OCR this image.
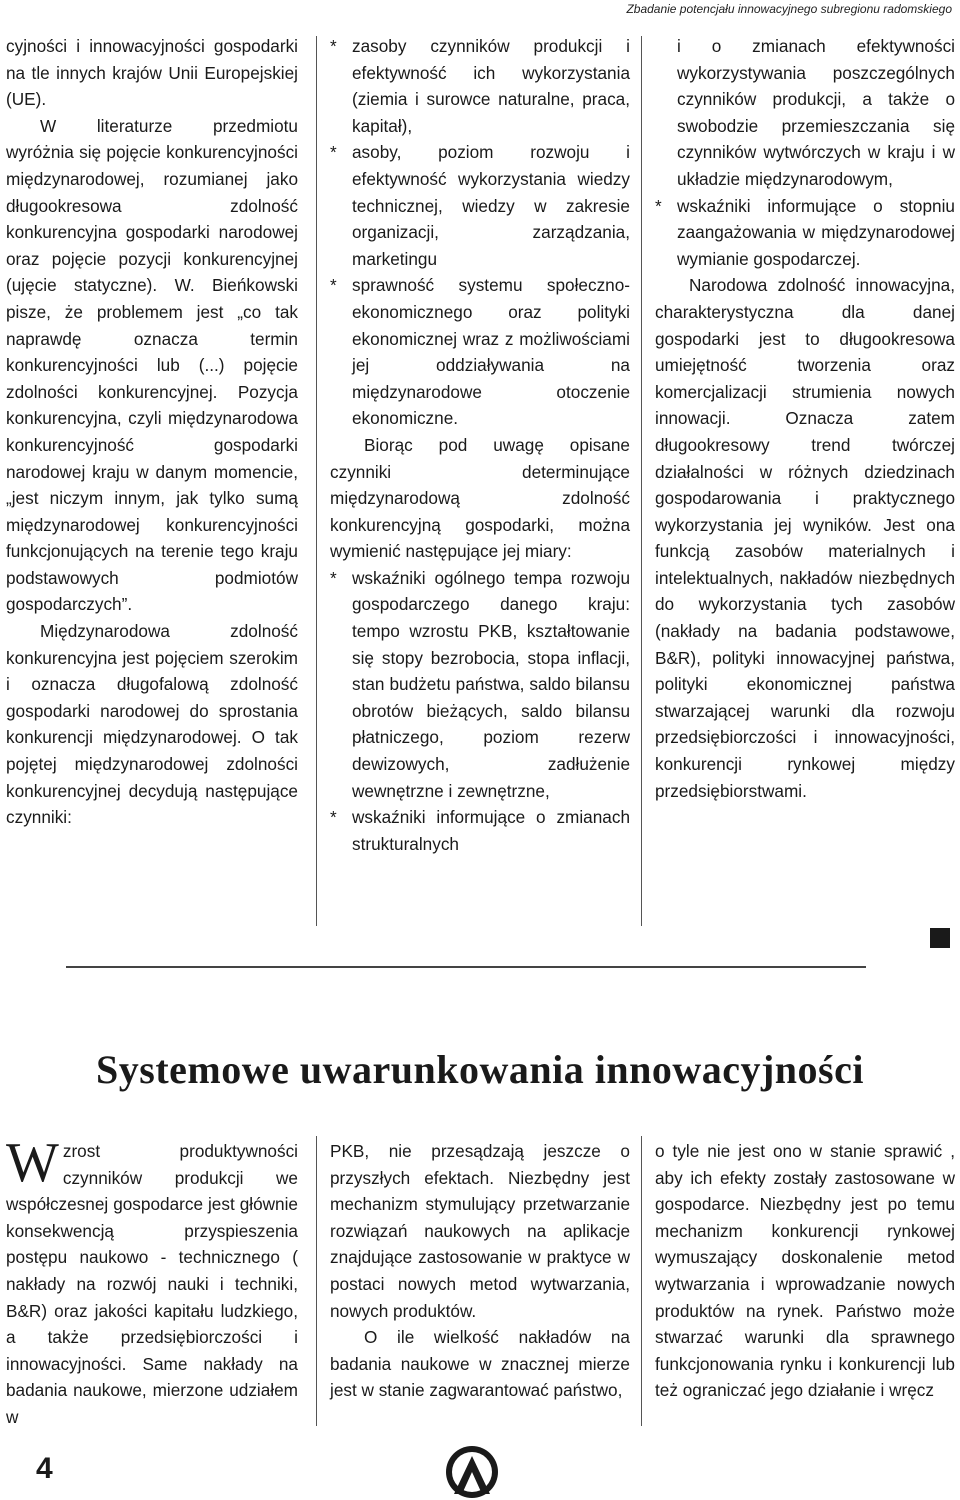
Zbadanie potencjału innowacyjnego subregionu radomskiego

cyjności i innowacyjności gospodarki na tle innych krajów Unii Europejskiej (UE).

W literaturze przedmiotu wyróżnia się pojęcie konkurencyjności międzynarodowej, rozumianej jako długookresowa zdolność konkurencyjna gospodarki narodowej oraz pojęcie pozycji konkurencyjnej (ujęcie statyczne). W. Bieńkowski pisze, że problemem jest „co tak naprawdę oznacza termin konkurencyjności lub (...) pojęcie zdolności konkurencyjnej. Pozycja konkurencyjna, czyli międzynarodowa konkurencyjność gospodarki narodowej kraju w danym momencie, „jest niczym innym, jak tylko sumą międzynarodowej konkurencyjności funkcjonujących na terenie tego kraju podstawowych podmiotów gospodarczych”.

Międzynarodowa zdolność konkurencyjna jest pojęciem szerokim i oznacza długofalową zdolność gospodarki narodowej do sprostania konkurencji międzynarodowej. O tak pojętej międzynarodowej zdolności konkurencyjnej decydują następujące czynniki:

* zasoby czynników produkcji i efektywność ich wykorzystania (ziemia i surowce naturalne, praca, kapitał),
* asoby, poziom rozwoju i efektywność wykorzystania wiedzy technicznej, wiedzy w zakresie organizacji, zarządzania, marketingu
* sprawność systemu społeczno-ekonomicznego oraz polityki ekonomicznej wraz z możliwościami jej oddziaływania na międzynarodowe otoczenie ekonomiczne.

Biorąc pod uwagę opisane czynniki determinujące międzynarodową zdolność konkurencyjną gospodarki, można wymienić następujące jej miary:

* wskaźniki ogólnego tempa rozwoju gospodarczego danego kraju: tempo wzrostu PKB, kształtowanie się stopy bezrobocia, stopa inflacji, stan budżetu państwa, saldo bilansu obrotów bieżących, saldo bilansu płatniczego, poziom rezerw dewizowych, zadłużenie wewnętrzne i zewnętrzne,
* wskaźniki informujące o zmianach strukturalnych

i o zmianach efektywności wykorzystywania poszczególnych czynników produkcji, a także o swobodzie przemieszczania się czynników wytwórczych w kraju i w układzie międzynarodowym,

* wskaźniki informujące o stopniu zaangażowania w międzynarodowej wymianie gospodarczej.

Narodowa zdolność innowacyjna, charakterystyczna dla danej gospodarki jest to długookresowa umiejętność tworzenia oraz komercjalizacji strumienia nowych innowacji. Oznacza zatem długookresowy trend twórczej działalności w różnych dziedzinach gospodarowania i praktycznego wykorzystania jej wyników. Jest ona funkcją zasobów materialnych i intelektualnych, nakładów niezbędnych do wykorzystania tych zasobów (nakłady na badania podstawowe, B&R), polityki innowacyjnej państwa, polityki ekonomicznej państwa stwarzającej warunki dla rozwoju przedsiębiorczości i innowacyjności, konkurencji rynkowej między przedsiębiorstwami.

Systemowe uwarunkowania innowacyjności

W zrost produktywności czynników produkcji we współczesnej gospodarce jest głównie konsekwencją przyspieszenia postępu naukowo - technicznego ( nakłady na rozwój nauki i techniki, B&R) oraz jakości kapitału ludzkiego, a także przedsiębiorczości i innowacyjności. Same nakłady na badania naukowe, mierzone udziałem w

PKB, nie przesądzają jeszcze o przyszłych efektach. Niezbędny jest mechanizm stymulujący przetwarzanie rozwiązań naukowych na aplikacje znajdujące zastosowanie w praktyce w postaci nowych metod wytwarzania, nowych produktów.

O ile wielkość nakładów na badania naukowe w znacznej mierze jest w stanie zagwarantować państwo,

o tyle nie jest ono w stanie sprawić , aby ich efekty zostały zastosowane w gospodarce. Niezbędny jest po temu mechanizm konkurencji rynkowej wymuszający doskonalenie metod wytwarzania i wprowadzanie nowych produktów na rynek. Państwo może stwarzać warunki dla sprawnego funkcjonowania rynku i konkurencji lub też ograniczać jego działanie i wręcz

4
